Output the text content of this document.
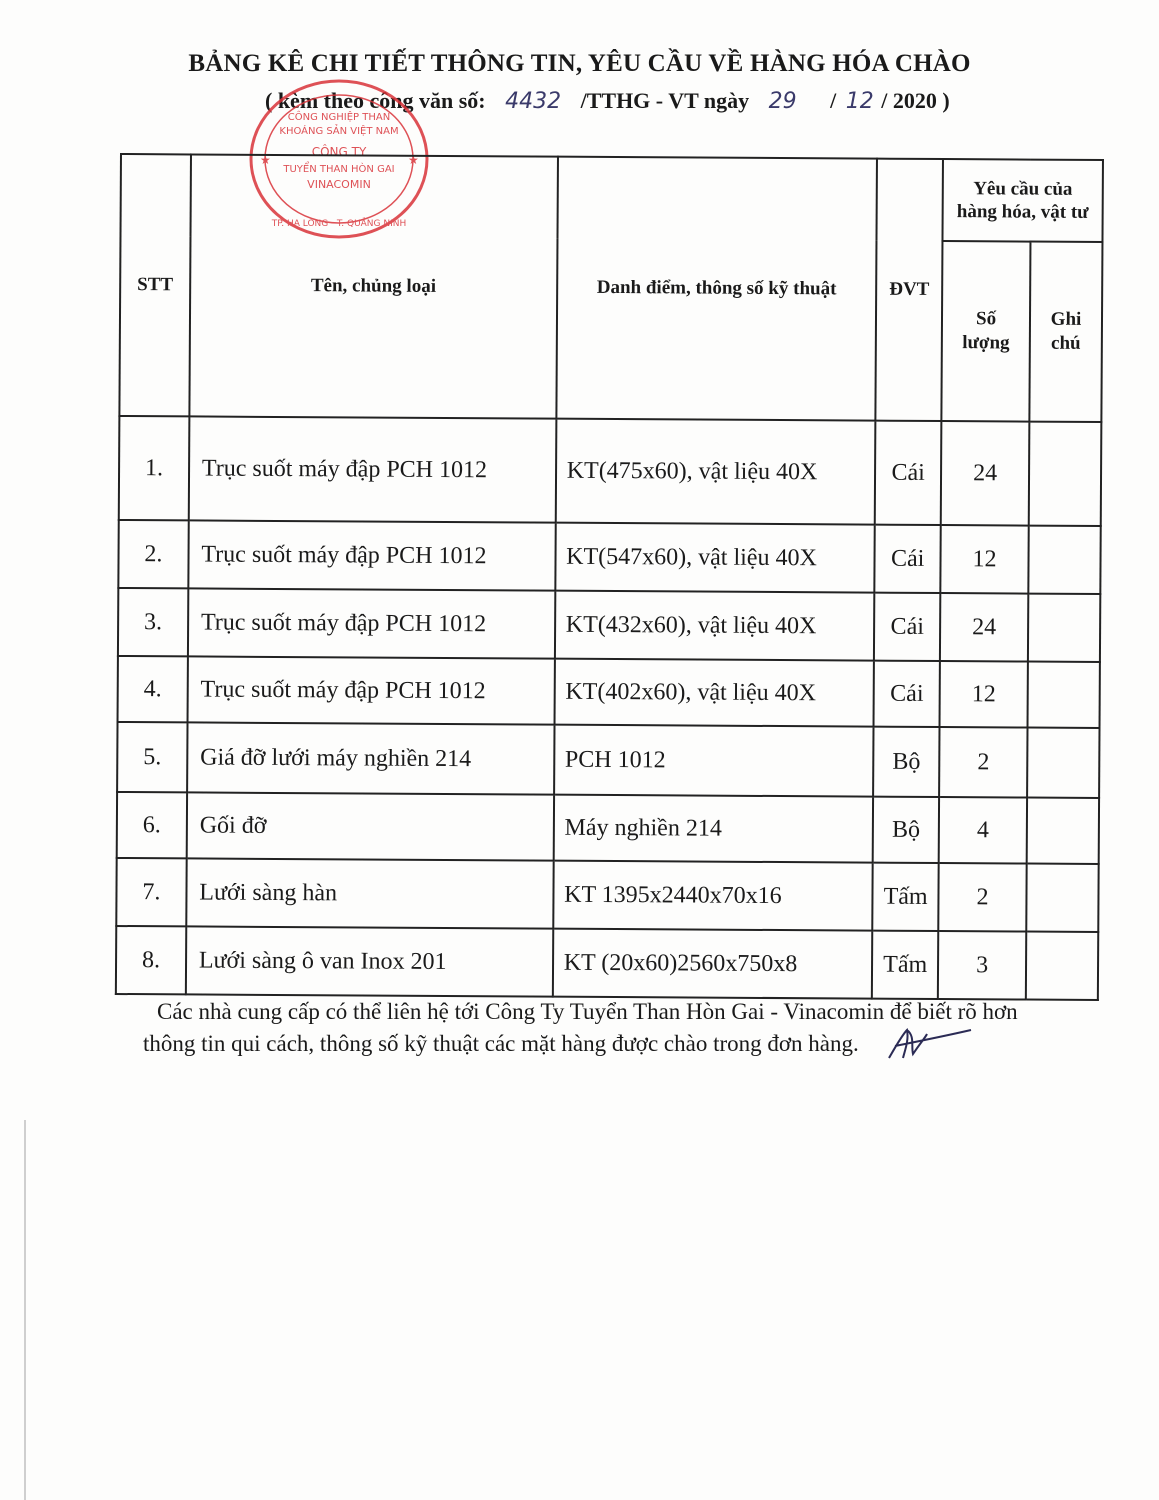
BẢNG KÊ CHI TIẾT THÔNG TIN, YÊU CẦU VỀ HÀNG HÓA CHÀO
( kèm theo công văn số: 4432 /TTHG - VT ngày 29 / 12 / 2020 )
CÔNG NGHIỆP THAN
KHOÁNG SẢN VIỆT NAM
CÔNG TY
TUYỂN THAN HÒN GAI
VINACOMIN
TP. HẠ LONG · T. QUẢNG NINH
★	★
STT	Tên, chủng loại	Danh điểm, thông số kỹ thuật	ĐVT	Yêu cầu của hàng hóa, vật tư	
				Số lượng	Ghi chú
1.	Trục suốt máy đập PCH 1012	KT(475x60), vật liệu 40X	Cái	24	
2.	Trục suốt máy đập PCH 1012	KT(547x60), vật liệu 40X	Cái	12	
3.	Trục suốt máy đập PCH 1012	KT(432x60), vật liệu 40X	Cái	24	
4.	Trục suốt máy đập PCH 1012	KT(402x60), vật liệu 40X	Cái	12	
5.	Giá đỡ lưới máy nghiền 214	PCH 1012	Bộ	2	
6.	Gối đỡ	Máy nghiền 214	Bộ	4	
7.	Lưới sàng hàn	KT 1395x2440x70x16	Tấm	2	
8.	Lưới sàng ô van Inox 201	KT (20x60)2560x750x8	Tấm	3	
Các nhà cung cấp có thể liên hệ tới Công Ty Tuyển Than Hòn Gai - Vinacomin để biết rõ hơn
thông tin qui cách, thông số kỹ thuật các mặt hàng được chào trong đơn hàng.
